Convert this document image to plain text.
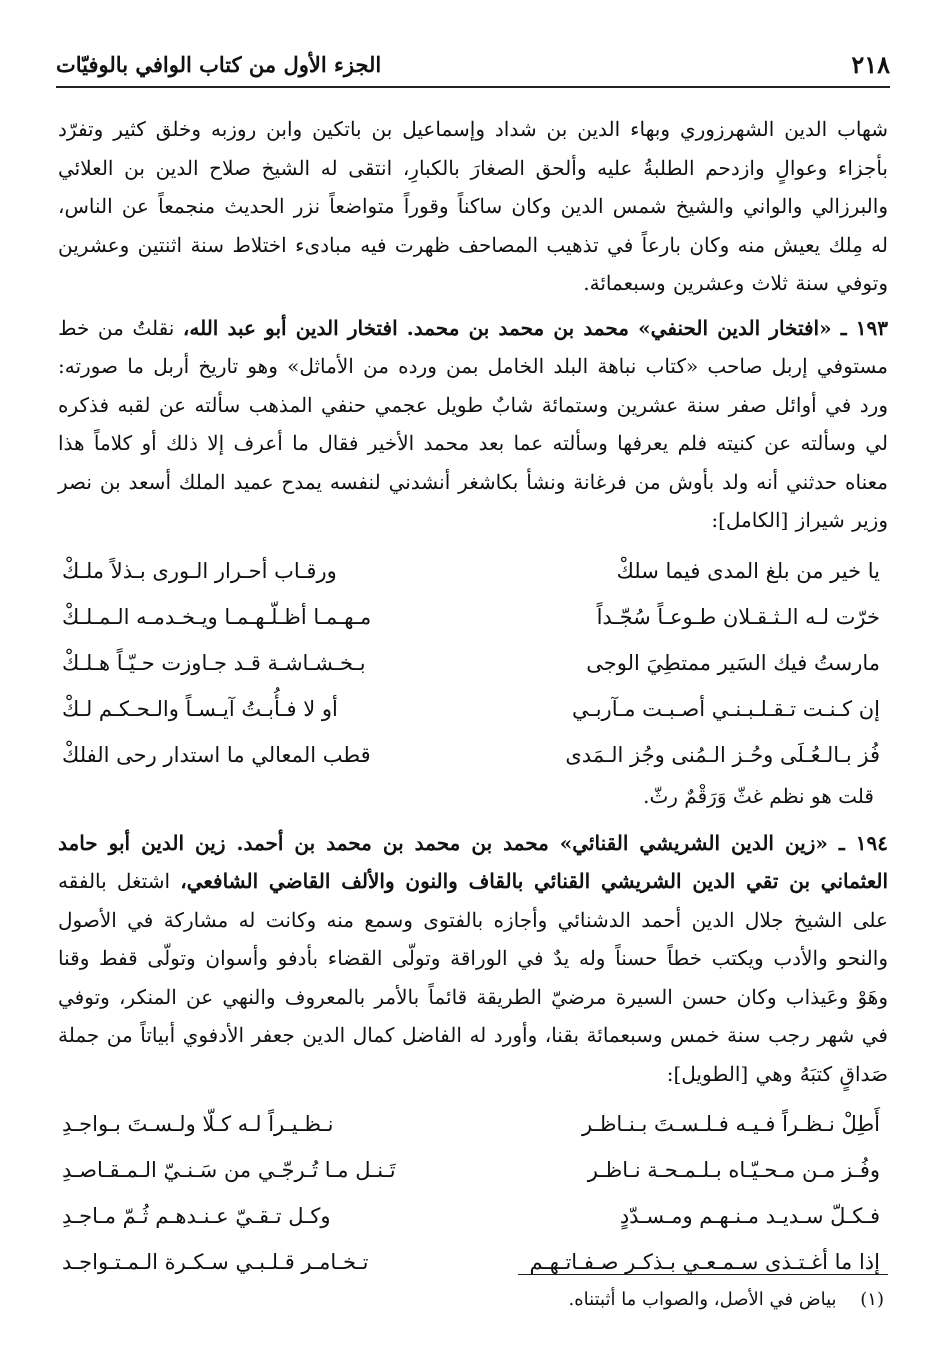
٢١٨
الجزء الأول من كتاب الوافي بالوفيّات

شهاب الدين الشهرزوري وبهاء الدين بن شداد وإسماعيل بن باتكين وابن روزبه وخلق كثير وتفرّد بأجزاء وعوالٍ وازدحم الطلبةُ عليه وألحق الصغارَ بالكبارِ، انتقى له الشيخ صلاح الدين بن العلائي والبرزالي والواني والشيخ شمس الدين وكان ساكناً وقوراً متواضعاً نزر الحديث منجمعاً عن الناس، له مِلك يعيش منه وكان بارعاً في تذهيب المصاحف ظهرت فيه مبادىء اختلاط سنة اثنتين وعشرين وتوفي سنة ثلاث وعشرين وسبعمائة.

١٩٣ ـ «افتخار الدين الحنفي» محمد بن محمد بن محمد. افتخار الدين أبو عبد الله، نقلتُ من خط مستوفي إربل صاحب «كتاب نباهة البلد الخامل بمن ورده من الأماثل» وهو تاريخ أربل ما صورته: ورد في أوائل صفر سنة عشرين وستمائة شابٌ طويل عجمي حنفي المذهب سألته عن لقبه فذكره لي وسألته عن كنيته فلم يعرفها وسألته عما بعد محمد الأخير فقال ما أعرف إلا ذلك أو كلاماً هذا معناه حدثني أنه ولد بأوش من فرغانة ونشأ بكاشغر أنشدني لنفسه يمدح عميد الملك أسعد بن نصر وزير شيراز [الكامل]:

يا خير من بلغ المدى فيما سلكْ
ورقـاب أحـرار الـورى بـذلاً ملـكْ
خرّت لـه الـثـقـلان طـوعـاً سُجّـداً
مـهـمـا أظـلّـهـمـا ويـخـدمـه الـمـلـكْ
مارستُ فيك السَير ممتطِيَ الوجى
بـخـشـاشـة قـد جـاوزت حـيّـاً هـلـكْ
إن كـنـت تـقـلـبـنـي أصـبـت مـآربـي
أو لا فـأُبـتُ آيـسـاً والـحـكـم لـكْ
فُز بـالـعُـلَى وحُـز الـمُنى وجُز الـمَدى
قطب المعالي ما استدار رحى الفلكْ
قلت هو نظم غثّ وَرَقْمٌ رثّ.

١٩٤ ـ «زين الدين الشريشي القنائي» محمد بن محمد بن محمد بن أحمد. زين الدين أبو حامد العثماني بن تقي الدين الشريشي القنائي بالقاف والنون والألف القاضي الشافعي، اشتغل بالفقه على الشيخ جلال الدين أحمد الدشنائي وأجازه بالفتوى وسمع منه وكانت له مشاركة في الأصول والنحو والأدب ويكتب خطاً حسناً وله يدٌ في الوراقة وتولّى القضاء بأدفو وأسوان وتولّى قفط وقنا وهَوْ وعَيذاب وكان حسن السيرة مرضيّ الطريقة قائماً بالأمر بالمعروف والنهي عن المنكر، وتوفي في شهر رجب سنة خمس وسبعمائة بقنا، وأورد له الفاضل كمال الدين جعفر الأدفوي أبياتاً من جملة صَداقٍ كتبَهُ وهي [الطويل]:

أَطِلْ نـظـراً فـيـه فـلـسـتَ بـنـاظـر
نـظـيـراً لـه كـلّا ولـسـتَ بـواجـدِ
وفُـز مـن مـحـيّـاه بـلـمـحـة نـاظـر
تَـنـل مـا تُـرجّـي من سَـنـيّ الـمـقـاصـدِ
فـكـلّ سـديـد مـنـهـم ومـسـدّدٍ
وكـل تـقـيّ عـنـدهـم ثُـمّ مـاجـدِ
إذا ما أغـتـذى سـمـعـي بـذكـر صـفـاتـهـم
تـخـامـر قـلـبـي سـكـرة الـمـتـواجـد
(١) بياض في الأصل، والصواب ما أثبتناه.
